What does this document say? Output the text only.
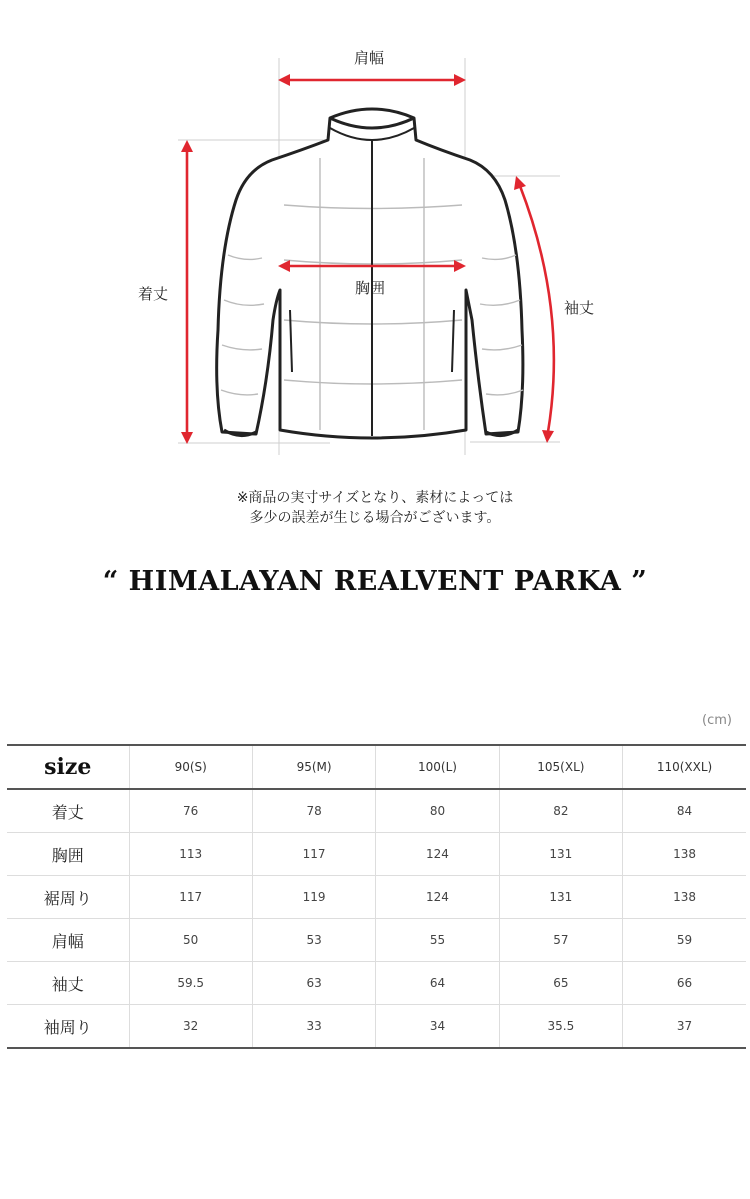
肩幅
着丈	胸囲
袖丈
※商品の実寸サイズとなり、素材によっては
多少の誤差が生じる場合がございます。
“ HIMALAYAN REALVENT PARKA ”
(cm)
size	90(S)	95(M)	100(L)	105(XL)	110(XXL)
着丈	76	78	80	82	84
胸囲	113	117	124	131	138
裾周り	117	119	124	131	138
肩幅	50	53	55	57	59
袖丈	59.5	63	64	65	66
袖周り	32	33	34	35.5	37
